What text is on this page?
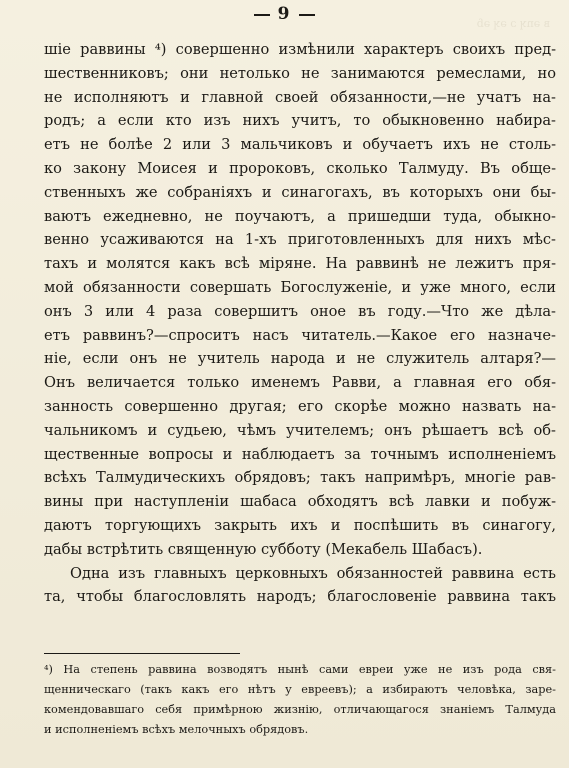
ʙ ǝnʞ ɔ ǝʞ ǝɓ
9
шіе раввины ⁴) совершенно измѣнили характеръ своихъ пред-
шественниковъ; они нетолько не занимаются ремеслами, но
не исполняютъ и главной своей обязанности,—не учатъ на-
родъ; а если кто изъ нихъ учитъ, то обыкновенно набира-
етъ не болѣе 2 или 3 мальчиковъ и обучаетъ ихъ не столь-
ко закону Моисея и пророковъ, сколько Талмуду. Въ обще-
ственныхъ же собраніяхъ и синагогахъ, въ которыхъ они бы-
ваютъ ежедневно, не поучаютъ, а пришедши туда, обыкно-
венно усаживаются на 1-хъ приготовленныхъ для нихъ мѣс-
тахъ и молятся какъ всѣ міряне. На раввинѣ не лежитъ пря-
мой обязанности совершать Богослуженіе, и уже много, если
онъ 3 или 4 раза совершитъ оное въ году.—Что же дѣла-
етъ раввинъ?—спроситъ насъ читатель.—Какое его назначе-
ніе, если онъ не учитель народа и не служитель алтаря?—
Онъ величается только именемъ Равви, а главная его обя-
занность совершенно другая; его скорѣе можно назвать на-
чальникомъ и судьею, чѣмъ учителемъ; онъ рѣшаетъ всѣ об-
щественные вопросы и наблюдаетъ за точнымъ исполненіемъ
всѣхъ Талмудическихъ обрядовъ; такъ напримѣръ, многіе рав-
вины при наступленіи шабаса обходятъ всѣ лавки и побуж-
даютъ торгующихъ закрыть ихъ и поспѣшить въ синагогу,
дабы встрѣтить священную субботу (Мекабель Шабасъ).
Одна изъ главныхъ церковныхъ обязанностей раввина есть
та, чтобы благословлять народъ; благословеніе раввина такъ
⁴) На степень раввина возводятъ нынѣ сами евреи уже не изъ рода свя-
щенническаго (такъ какъ его нѣтъ у евреевъ); а избираютъ человѣка, заре-
комендовавшаго себя примѣрною жизнію, отличающагося знаніемъ Талмуда
и исполненіемъ всѣхъ мелочныхъ обрядовъ.
